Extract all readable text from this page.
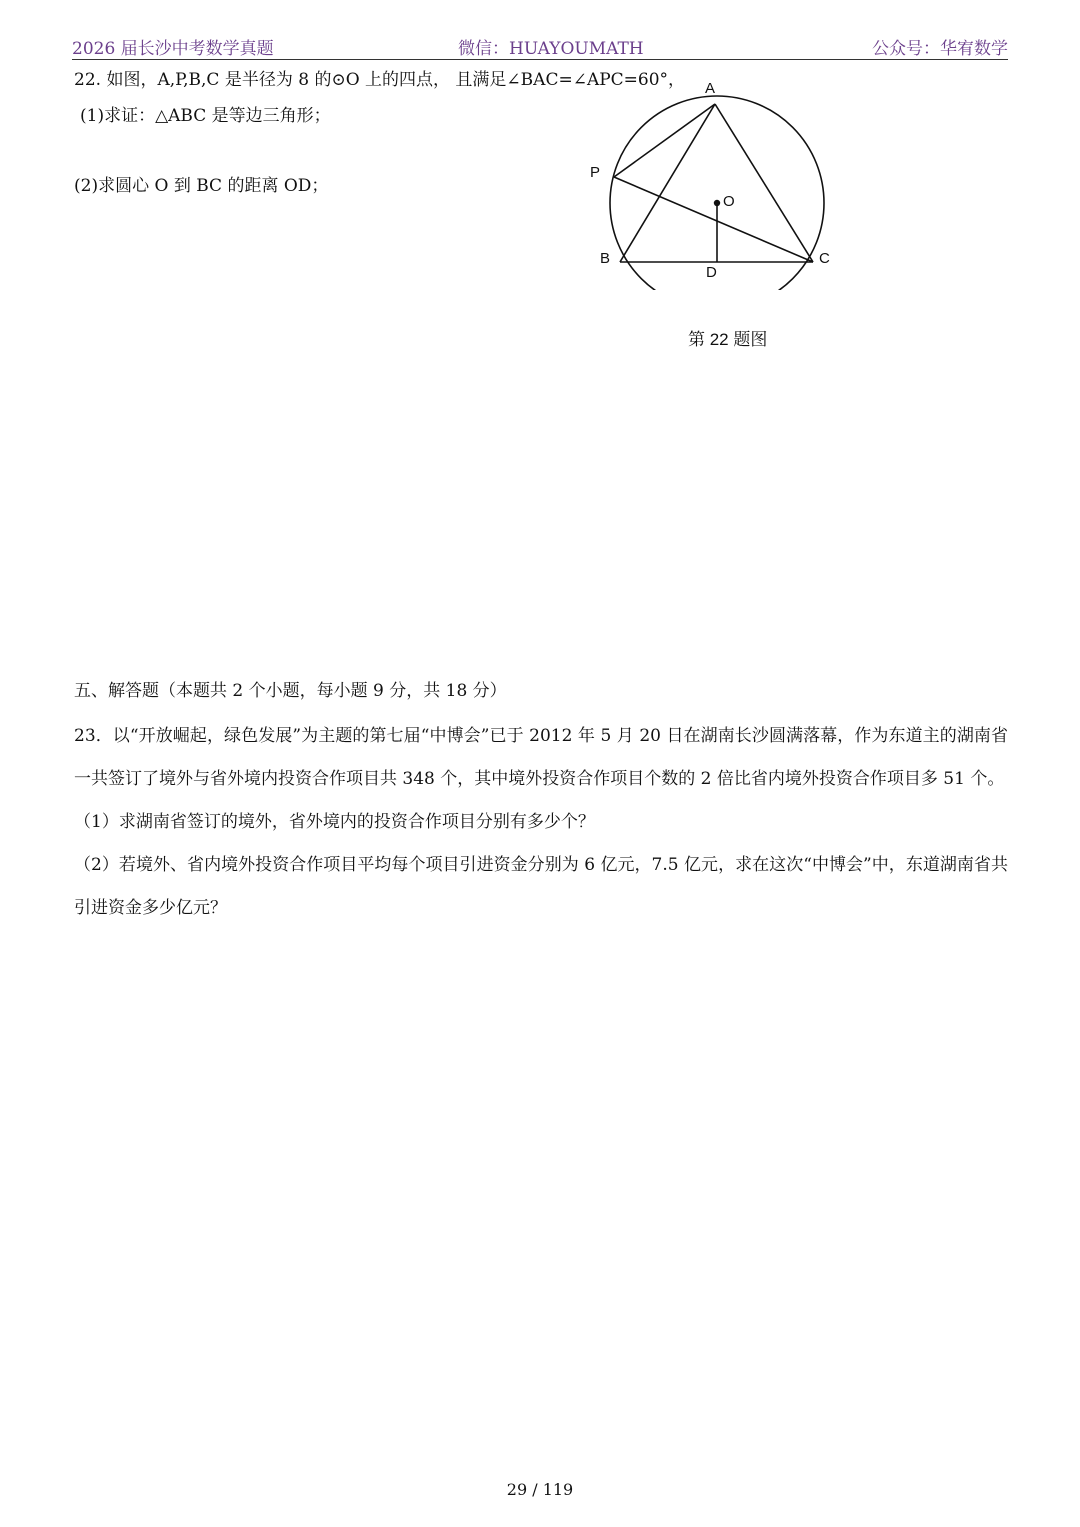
2026 届长沙中考数学真题	微信：HUAYOUMATH	公众号：华宥数学
22. 如图，A,P,B,C 是半径为 8 的⊙O 上的四点， 且满足∠BAC=∠APC=60°，
(1)求证：△ABC 是等边三角形；
(2)求圆心 O 到 BC 的距离 OD；
A
P
O
B	C
D
第 22 题图
五、解答题（本题共 2 个小题，每小题 9 分，共 18 分）
23．以“开放崛起，绿色发展”为主题的第七届“中博会”已于 2012 年 5 月 20 日在湖南长沙圆满落幕，作为东道主的湖南省一共签订了境外与省外境内投资合作项目共 348 个，其中境外投资合作项目个数的 2 倍比省内境外投资合作项目多 51 个。
（1）求湖南省签订的境外，省外境内的投资合作项目分别有多少个？
（2）若境外、省内境外投资合作项目平均每个项目引进资金分别为 6 亿元，7.5 亿元，求在这次“中博会”中，东道湖南省共引进资金多少亿元？
29 / 119
